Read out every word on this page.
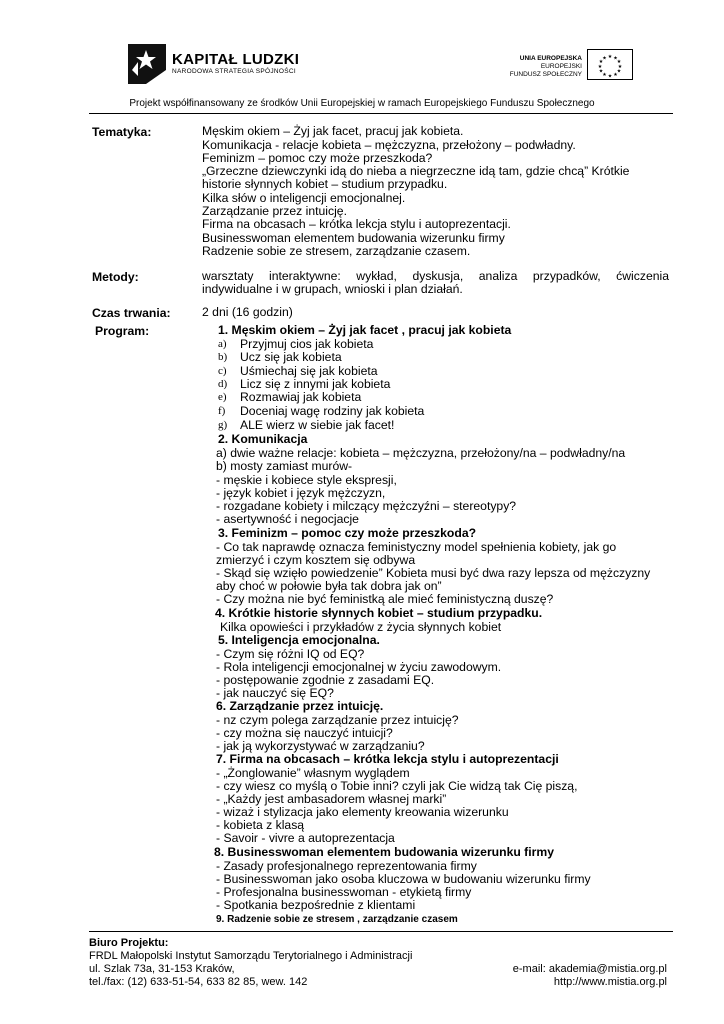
KAPITAŁ LUDZKI
NARODOWA STRATEGIA SPÓJNOŚCI
UNIA EUROPEJSKA
EUROPEJSKI
FUNDUSZ SPOŁECZNY
★ ★
★
★
★
★
★
★
★
★
★
★
Projekt współfinansowany ze środków Unii Europejskiej w ramach Europejskiego Funduszu Społecznego
Tematyka:	Męskim okiem – Żyj jak facet, pracuj jak kobieta.
Komunikacja - relacje kobieta – mężczyzna, przełożony – podwładny.
Feminizm – pomoc czy może przeszkoda?
„Grzeczne dziewczynki idą do nieba a niegrzeczne idą tam, gdzie chcą” Krótkie
historie słynnych kobiet – studium przypadku.
Kilka słów o inteligencji emocjonalnej.
Zarządzanie przez intuicję.
Firma na obcasach – krótka lekcja stylu i autoprezentacji.
Businesswoman elementem budowania wizerunku firmy
Radzenie sobie ze stresem, zarządzanie czasem.
Metody:	warsztaty interaktywne: wykład, dyskusja, analiza przypadków, ćwiczenia
indywidualne i w grupach, wnioski i plan działań.
Czas trwania:	2 dni (16 godzin)
Program:	1. Męskim okiem – Żyj jak facet , pracuj jak kobieta
a) Przyjmuj cios jak kobieta
b) Ucz się jak kobieta
c) Uśmiechaj się jak kobieta
d) Licz się z innymi jak kobieta
e) Rozmawiaj jak kobieta
f) Doceniaj wagę rodziny jak kobieta
g) ALE wierz w siebie jak facet!
2. Komunikacja
a) dwie ważne relacje: kobieta – mężczyzna, przełożony/na – podwładny/na
b) mosty zamiast murów-
- męskie i kobiece style ekspresji,
- język kobiet i język mężczyzn,
- rozgadane kobiety i milczący mężczyźni – stereotypy?
- asertywność i negocjacje
3. Feminizm – pomoc czy może przeszkoda?
- Co tak naprawdę oznacza feministyczny model spełnienia kobiety, jak go
zmierzyć i czym kosztem się odbywa
- Skąd się wzięło powiedzenie” Kobieta musi być dwa razy lepsza od mężczyzny
aby choć w połowie była tak dobra jak on”
- Czy można nie być feministką ale mieć feministyczną duszę?
4. Krótkie historie słynnych kobiet – studium przypadku.
Kilka opowieści i przykładów z życia słynnych kobiet
5. Inteligencja emocjonalna.
- Czym się różni IQ od EQ?
- Rola inteligencji emocjonalnej w życiu zawodowym.
- postępowanie zgodnie z zasadami EQ.
- jak nauczyć się EQ?
6. Zarządzanie przez intuicję.
- nz czym polega zarządzanie przez intuicję?
- czy można się nauczyć intuicji?
- jak ją wykorzystywać w zarządzaniu?
7. Firma na obcasach – krótka lekcja stylu i autoprezentacji
- „Żonglowanie” własnym wyglądem
- czy wiesz co myślą o Tobie inni? czyli jak Cie widzą tak Cię piszą,
- „Każdy jest ambasadorem własnej marki”
- wizaż i stylizacja jako elementy kreowania wizerunku
- kobieta z klasą
- Savoir - vivre a autoprezentacja
8. Businesswoman elementem budowania wizerunku firmy
- Zasady profesjonalnego reprezentowania firmy
- Businesswoman jako osoba kluczowa w budowaniu wizerunku firmy
- Profesjonalna businesswoman - etykietą firmy
- Spotkania bezpośrednie z klientami
9. Radzenie sobie ze stresem , zarządzanie czasem
Biuro Projektu:
FRDL Małopolski Instytut Samorządu Terytorialnego i Administracji
ul. Szlak 73a, 31-153 Kraków,
tel./fax: (12) 633-51-54, 633 82 85, wew. 142
e-mail: akademia@mistia.org.pl
http://www.mistia.org.pl
